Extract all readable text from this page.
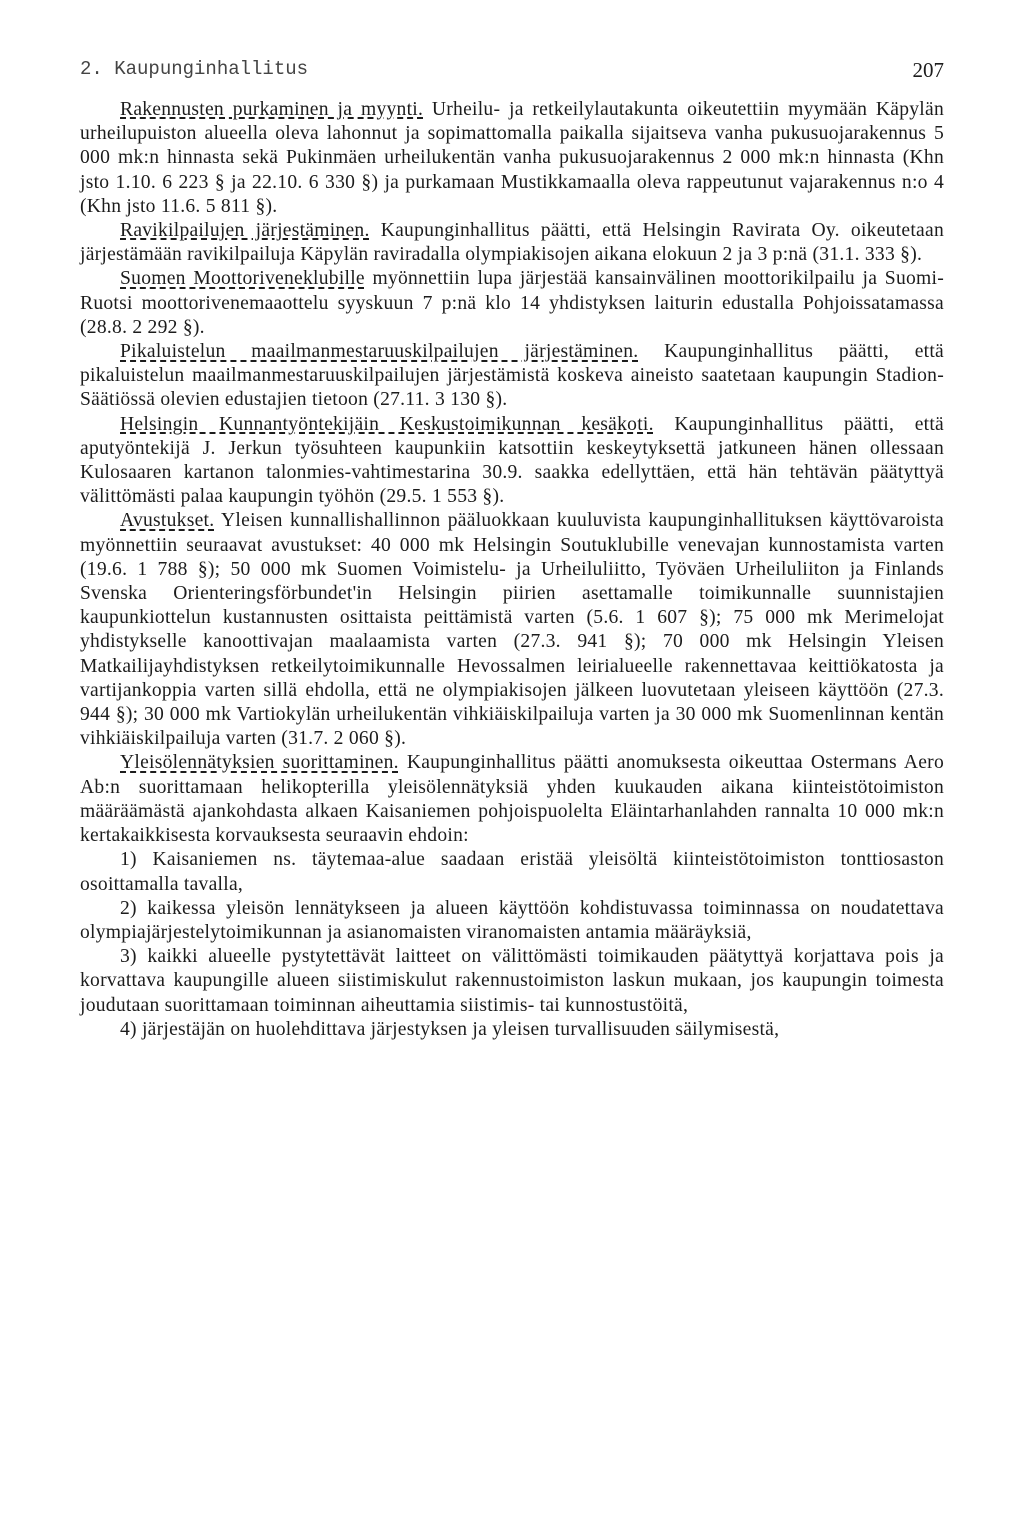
2. Kaupunginhallitus	207

Rakennusten purkaminen ja myynti. Urheilu- ja retkeilylautakunta oikeutettiin myymään Käpylän urheilupuiston alueella oleva lahonnut ja sopimattomalla paikalla sijaitseva vanha pukusuojarakennus 5 000 mk:n hinnasta sekä Pukinmäen urheilukentän vanha pukusuojarakennus 2 000 mk:n hinnasta (Khn jsto 1.10. 6 223 § ja 22.10. 6 330 §) ja purkamaan Mustikkamaalla oleva rappeutunut vajarakennus n:o 4 (Khn jsto 11.6. 5 811 §).

Ravikilpailujen järjestäminen. Kaupunginhallitus päätti, että Helsingin Ravirata Oy. oikeutetaan järjestämään ravikilpailuja Käpylän raviradalla olympiakisojen aikana elokuun 2 ja 3 p:nä (31.1. 333 §).

Suomen Moottoriveneklubille myönnettiin lupa järjestää kansainvälinen moottorikilpailu ja Suomi-Ruotsi moottorivenemaaottelu syyskuun 7 p:nä klo 14 yhdistyksen laiturin edustalla Pohjoissatamassa (28.8. 2 292 §).

Pikaluistelun maailmanmestaruuskilpailujen järjestäminen. Kaupunginhallitus päätti, että pikaluistelun maailmanmestaruuskilpailujen järjestämistä koskeva aineisto saatetaan kaupungin Stadion-Säätiössä olevien edustajien tietoon (27.11. 3 130 §).

Helsingin Kunnantyöntekijäin Keskustoimikunnan kesäkoti. Kaupunginhallitus päätti, että aputyöntekijä J. Jerkun työsuhteen kaupunkiin katsottiin keskeytyksettä jatkuneen hänen ollessaan Kulosaaren kartanon talonmies-vahtimestarina 30.9. saakka edellyttäen, että hän tehtävän päätyttyä välittömästi palaa kaupungin työhön (29.5. 1 553 §).

Avustukset. Yleisen kunnallishallinnon pääluokkaan kuuluvista kaupunginhallituksen käyttövaroista myönnettiin seuraavat avustukset: 40 000 mk Helsingin Soutuklubille venevajan kunnostamista varten (19.6. 1 788 §); 50 000 mk Suomen Voimistelu- ja Urheiluliitto, Työväen Urheiluliiton ja Finlands Svenska Orienteringsförbundet'in Helsingin piirien asettamalle toimikunnalle suunnistajien kaupunkiottelun kustannusten osittaista peittämistä varten (5.6. 1 607 §); 75 000 mk Merimelojat yhdistykselle kanoottivajan maalaamista varten (27.3. 941 §); 70 000 mk Helsingin Yleisen Matkailijayhdistyksen retkeilytoimikunnalle Hevossalmen leirialueelle rakennettavaa keittiökatosta ja vartijankoppia varten sillä ehdolla, että ne olympiakisojen jälkeen luovutetaan yleiseen käyttöön (27.3. 944 §); 30 000 mk Vartiokylän urheilukentän vihkiäiskilpailuja varten ja 30 000 mk Suomenlinnan kentän vihkiäiskilpailuja varten (31.7. 2 060 §).

Yleisölennätyksien suorittaminen. Kaupunginhallitus päätti anomuksesta oikeuttaa Ostermans Aero Ab:n suorittamaan helikopterilla yleisölennätyksiä yhden kuukauden aikana kiinteistötoimiston määräämästä ajankohdasta alkaen Kaisaniemen pohjoispuolelta Eläintarhanlahden rannalta 10 000 mk:n kertakaikkisesta korvauksesta seuraavin ehdoin:

1) Kaisaniemen ns. täytemaa-alue saadaan eristää yleisöltä kiinteistötoimiston tonttiosaston osoittamalla tavalla,
2) kaikessa yleisön lennätykseen ja alueen käyttöön kohdistuvassa toiminnassa on noudatettava olympiajärjestelytoimikunnan ja asianomaisten viranomaisten antamia määräyksiä,
3) kaikki alueelle pystytettävät laitteet on välittömästi toimikauden päätyttyä korjattava pois ja korvattava kaupungille alueen siistimiskulut rakennustoimiston laskun mukaan, jos kaupungin toimesta joudutaan suorittamaan toiminnan aiheuttamia siistimis- tai kunnostustöitä,
4) järjestäjän on huolehdittava järjestyksen ja yleisen turvallisuuden säilymisestä,
